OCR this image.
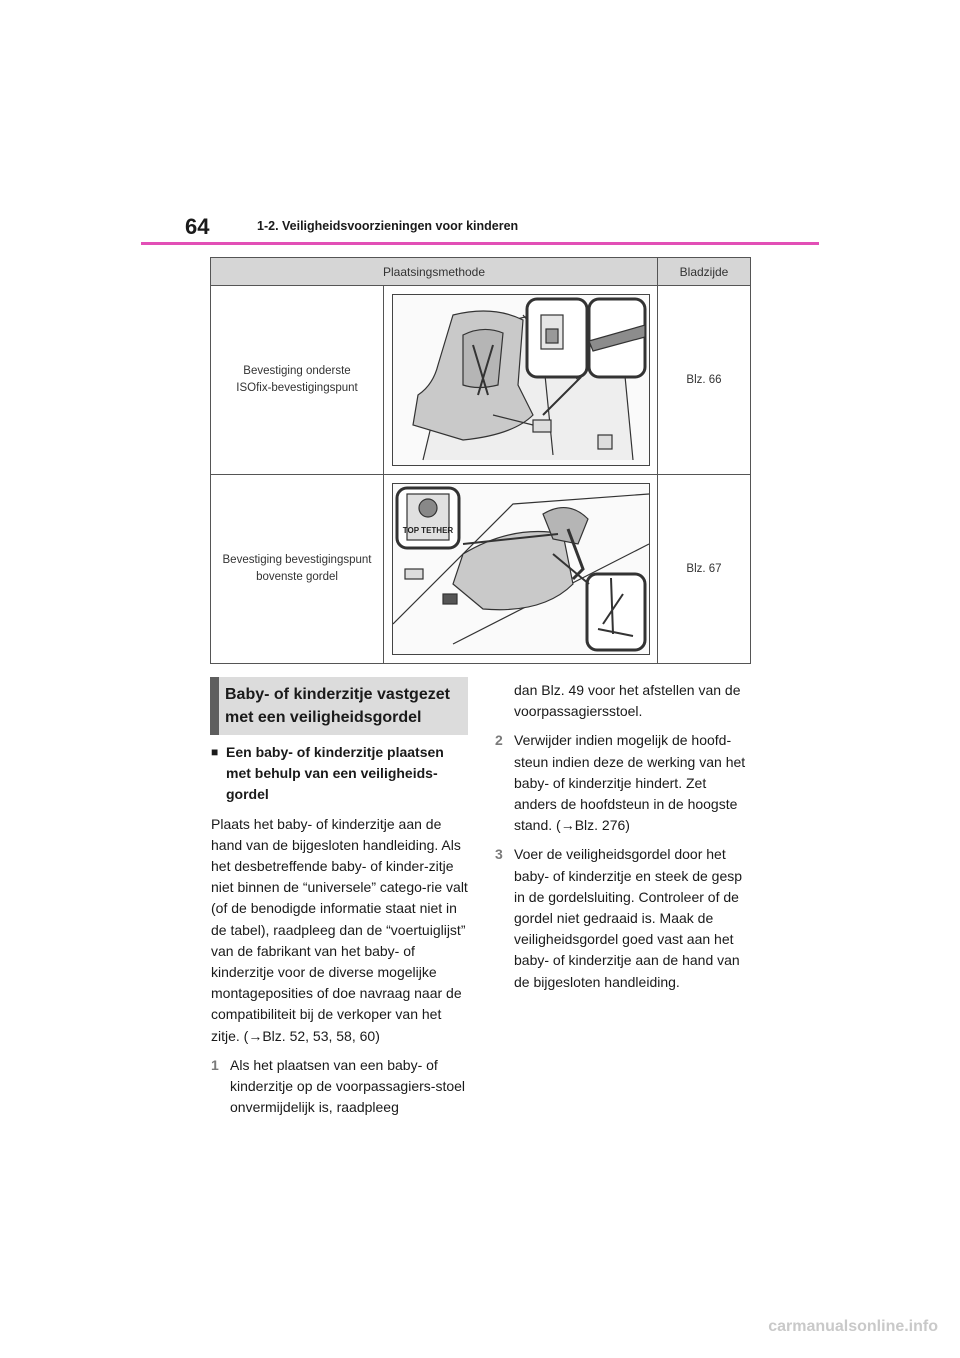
64	1-2. Veiligheidsvoorzieningen voor kinderen
Plaatsingsmethode		Bladzijde
Bevestiging onderste
ISOfix-bevestigingspunt		Blz. 66
Bevestiging bevestigingspunt
bovenste gordel	TOP TETHER	Blz. 67
Baby- of kinderzitje vastgezet
met een veiligheidsgordel
■ Een baby- of kinderzitje plaatsen met behulp van een veiligheids-gordel

Plaats het baby- of kinderzitje aan de hand van de bijgesloten handleiding. Als het desbetreffende baby- of kinder-zitje niet binnen de “universele” catego-rie valt (of de benodigde informatie staat niet in de tabel), raadpleeg dan de “voertuiglijst” van de fabrikant van het baby- of kinderzitje voor de diverse mogelijke montageposities of doe navraag naar de compatibiliteit bij de verkoper van het zitje. (→Blz. 52, 53, 58, 60)

1 Als het plaatsen van een baby- of kinderzitje op de voorpassagiers-stoel onvermijdelijk is, raadpleeg
dan Blz. 49 voor het afstellen van de voorpassagiersstoel.
2 Verwijder indien mogelijk de hoofd-steun indien deze de werking van het baby- of kinderzitje hindert. Zet anders de hoofdsteun in de hoogste stand. (→Blz. 276)
3 Voer de veiligheidsgordel door het baby- of kinderzitje en steek de gesp in de gordelsluiting. Controleer of de gordel niet gedraaid is. Maak de veiligheidsgordel goed vast aan het baby- of kinderzitje aan de hand van de bijgesloten handleiding.
carmanualsonline.info
